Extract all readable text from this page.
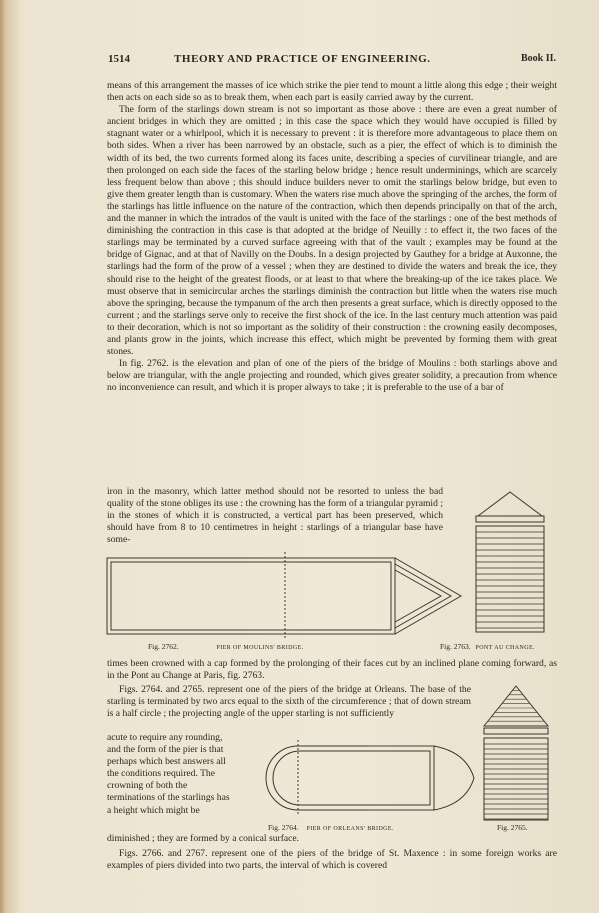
1514	THEORY AND PRACTICE OF ENGINEERING.	Book II.

means of this arrangement the masses of ice which strike the pier tend to mount a little along this edge ; their weight then acts on each side so as to break them, when each part is easily carried away by the current.

The form of the starlings down stream is not so important as those above : there are even a great number of ancient bridges in which they are omitted ; in this case the space which they would have occupied is filled by stagnant water or a whirlpool, which it is necessary to prevent : it is therefore more advantageous to place them on both sides. When a river has been narrowed by an obstacle, such as a pier, the effect of which is to diminish the width of its bed, the two currents formed along its faces unite, describing a species of curvilinear triangle, and are then prolonged on each side the faces of the starling below bridge ; hence result underminings, which are scarcely less frequent below than above ; this should induce builders never to omit the starlings below bridge, but even to give them greater length than is customary. When the waters rise much above the springing of the arches, the form of the starlings has little influence on the nature of the contraction, which then depends principally on that of the arch, and the manner in which the intrados of the vault is united with the face of the starlings : one of the best methods of diminishing the contraction in this case is that adopted at the bridge of Neuilly : to effect it, the two faces of the starlings may be terminated by a curved surface agreeing with that of the vault ; examples may be found at the bridge of Gignac, and at that of Navilly on the Doubs. In a design projected by Gauthey for a bridge at Auxonne, the starlings had the form of the prow of a vessel ; when they are destined to divide the waters and break the ice, they should rise to the height of the greatest floods, or at least to that where the breaking-up of the ice takes place. We must observe that in semicircular arches the starlings diminish the contraction but little when the waters rise much above the springing, because the tympanum of the arch then presents a great surface, which is directly opposed to the current ; and the starlings serve only to receive the first shock of the ice. In the last century much attention was paid to their decoration, which is not so important as the solidity of their construction : the crowning easily decomposes, and plants grow in the joints, which increase this effect, which might be prevented by forming them with great stones.

In fig. 2762. is the elevation and plan of one of the piers of the bridge of Moulins : both starlings above and below are triangular, with the angle projecting and rounded, which gives greater solidity, a precaution from whence no inconvenience can result, and which it is proper always to take ; it is preferable to the use of a bar of

iron in the masonry, which latter method should not be resorted to unless the bad quality of the stone obliges its use : the crowning has the form of a triangular pyramid ; in the stones of which it is constructed, a vertical part has been preserved, which should have from 8 to 10 centimetres in height : starlings of a triangular base have some-

Fig. 2762.	PIER OF MOULINS' BRIDGE.	Fig. 2763. PONT AU CHANGE.

times been crowned with a cap formed by the prolonging of their faces cut by an inclined plane coming forward, as in the Pont au Change at Paris, fig. 2763.

Figs. 2764. and 2765. represent one of the piers of the bridge at Orleans. The base of the starling is terminated by two arcs equal to the sixth of the circumference ; that of down stream is a half circle ; the projecting angle of the upper starling is not sufficiently

acute to require any rounding, and the form of the pier is that perhaps which best answers all the conditions required. The crowning of both the terminations of the starlings has a height which might be

Fig. 2764. PIER OF ORLEANS' BRIDGE.	Fig. 2765.

diminished ; they are formed by a conical surface.

Figs. 2766. and 2767. represent one of the piers of the bridge of St. Maxence : in some foreign works are examples of piers divided into two parts, the interval of which is covered
